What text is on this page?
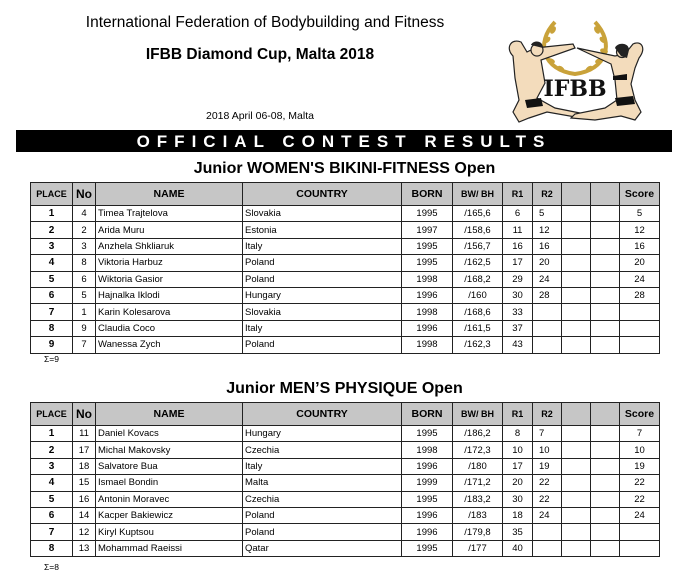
International Federation of Bodybuilding and Fitness
IFBB Diamond Cup, Malta 2018
2018 April 06-08, Malta
IFBB
OFFICIAL CONTEST RESULTS
Junior WOMEN'S BIKINI-FITNESS Open
PLACE	No	NAME	COUNTRY	BORN	BW/ BH	R1	R2			Score
1	4	Timea Trajtelova	Slovakia	1995	/165,6	6	5			5
2	2	Arida Muru	Estonia	1997	/158,6	11	12			12
3	3	Anzhela Shkliaruk	Italy	1995	/156,7	16	16			16
4	8	Viktoria Harbuz	Poland	1995	/162,5	17	20			20
5	6	Wiktoria Gasior	Poland	1998	/168,2	29	24			24
6	5	Hajnalka Iklodi	Hungary	1996	/160	30	28			28
7	1	Karin Kolesarova	Slovakia	1998	/168,6	33				
8	9	Claudia Coco	Italy	1996	/161,5	37				
9	7	Wanessa Zych	Poland	1998	/162,3	43				
Σ=9
Junior MEN’S PHYSIQUE Open
PLACE	No	NAME	COUNTRY	BORN	BW/ BH	R1	R2			Score
1	11	Daniel Kovacs	Hungary	1995	/186,2	8	7			7
2	17	Michal Makovsky	Czechia	1998	/172,3	10	10			10
3	18	Salvatore Bua	Italy	1996	/180	17	19			19
4	15	Ismael Bondin	Malta	1999	/171,2	20	22			22
5	16	Antonin Moravec	Czechia	1995	/183,2	30	22			22
6	14	Kacper Bakiewicz	Poland	1996	/183	18	24			24
7	12	Kiryl Kuptsou	Poland	1996	/179,8	35				
8	13	Mohammad Raeissi	Qatar	1995	/177	40				
Σ=8
